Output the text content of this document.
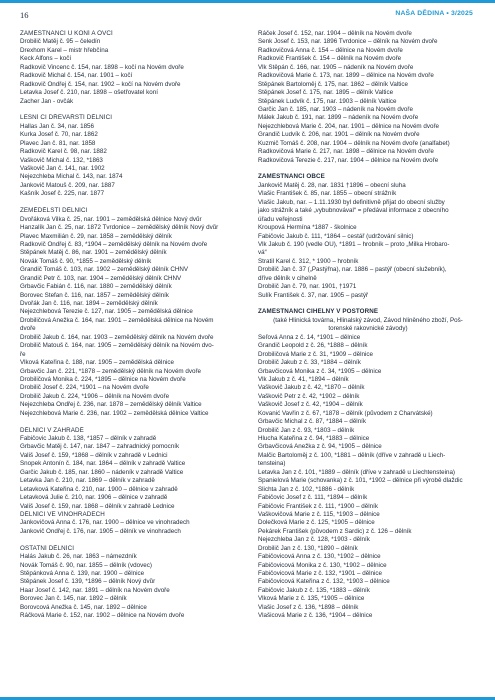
16	NAŠA DĚDINA • 3/2025
ZAMĚSTNANCI U KONÍ A OVCÍ
Drobilič Matěj č. 95 – čeledín
Drexhom Karel – mistr hřebčína
Keck Alfons – kočí
Radkovič Vincenc č. 154, nar. 1898 – kočí na Novém dvoře
Radkovič Michal č. 154, nar. 1901 – kočí
Radkovič Ondřej č. 154, nar. 1902 – kočí na Novém dvoře
Letavka Josef č. 210, nar. 1898 – ošetřovatel koní
Zacher Jan - ovčák
LESNÍ ČI DŘEVAŘSTÍ DĚLNÍCI
Hallas Jan č. 34, nar. 1856
Kurka Josef č. 70, nar. 1862
Plavec Jan č. 81, nar. 1858
Radkovič Karel č. 98, nar. 1882
Vaškovič Michal č. 132, *1863
Vaškovič Jan č. 141, nar. 1902
Nejezchleba Michal č. 143, nar. 1874
Jankovič Matouš č. 209, nar. 1887
Kašník Josef č. 225, nar. 1877
ZEMĚDĚLŠTÍ DĚLNÍCI
Dvořáková Vilka č. 25, nar. 1901 – zemědělská dělnice Nový dvůr
Hanzalík Jan č. 25, nar. 1872 Tvrdonice – zemědělský dělník Nový dvůr
Plavec Maxmilián č. 29, nar. 1858 – zemědělský dělník
Radkovič Ondřej č. 83, *1904 – zemědělský dělník na Novém dvoře
Štěpánek Matěj č. 86, nar. 1901 – zemědělský dělník
Novák Tomáš č. 90, *1855 – zemědělský dělník
Grandič Tomáš č. 103, nar. 1902 – zemědělský dělník CHNV
Grandič Petr č. 103, nar. 1904 – zemědělský dělník CHNV
Grbavčic Fabián č. 116, nar. 1880 – zemědělský dělník
Borovec Štefan č. 116, nar. 1857 – zemědělský dělník
Dvořák Jan č. 116, nar. 1894 – zemědělský dělník
Nejezchlebová Terezie č. 127, nar. 1905 – zemědělská dělnice
Drobiličová Anežka č. 164, nar. 1901 – zemědělská dělnice na Novém
dvoře
Drobilič Jakub č. 164, nar. 1903 – zemědělský dělník na Novém dvoře
Drobilič Matouš č. 164, nar. 1905 – zemědělský dělník na Novém dvo-
ře
Vlková Kateřina č. 188, nar. 1905 – zemědělská dělnice
Grbavčic Jan č. 221, *1878 – zemědělský dělník na Novém dvoře
Drobiličová Monika č. 224, *1895 – dělnice na Novém dvoře
Drobilič Josef č. 224, *1901 – na Novém dvoře
Drobilič Jakub č. 224, *1906 – dělník na Novém dvoře
Nejezchleba Ondřej č. 236, nar. 1878 – zemědělský dělník Valtice
Nejezchlebová Marie č. 236, nar. 1902 – zemědělská dělnice Valtice
DĚLNÍCI V ZAHRADĚ
Fabičovic Jakub č. 138, *1857 – dělník v zahradě
Grbavčic Matěj č. 147, nar. 1847 – zahradnický pomocník
Vališ Josef č. 159, *1868 – dělník v zahradě v Lednici
Šnopek Antonín č. 184, nar. 1864 – dělník v zahradě Valtice
Garčic Jakub č. 185, nar. 1860 – nádeník v zahradě Valtice
Letavka Jan č. 210, nar. 1869 – dělník v zahradě
Letavková Kateřina č. 210, nar. 1900 – dělnice v zahradě
Letavková Julie č. 210, nar. 1906 – dělnice v zahradě
Vališ Josef č. 159, nar. 1868 – dělník v zahradě Lednice
DĚLNÍCI VE VINOHRADECH
Jankovičová Anna č. 176, nar. 1900 – dělnice ve vinohradech
Jankovič Ondřej č. 176, nar. 1905 – dělník ve vinohradech
OSTATNÍ DĚLNÍCI
Halás Jakub č. 26, nar. 1863 – námezdník
Novák Tomáš č. 90, nar. 1855 – dělník (vdovec)
Štěpánková Anna č. 139, nar. 1900 – dělnice
Štěpánek Josef č. 139, *1896 – dělník Nový dvůr
Haar Josef č. 142, nar. 1891 – dělník na Novém dvoře
Borovec Jan č. 145, nar. 1892 – dělník
Borovcová Anežka č. 145, nar. 1892 – dělnice
Ráčková Marie č. 152, nar. 1902 – dělnice na Novém dvoře
Ráček Josef č. 152, nar. 1904 – dělník na Novém dvoře
Šenk Josef č. 153, nar. 1896 Tvrdonice – dělník na Novém dvoře
Radkovičová Anna č. 154 – dělnice na Novém dvoře
Radkovič František č. 154 – dělník na Novém dvoře
Vlk Štěpán č. 166, nar. 1905 – nádeník na Novém dvoře
Radkovičová Marie č. 173, nar. 1899 – dělnice na Novém dvoře
Štěpánek Bartoloměj č. 175, nar. 1862 – dělník Valtice
Štěpánek Josef č. 175, nar. 1895 – dělník Valtice
Štěpánek Ludvík č. 175, nar. 1903 – dělník Valtice
Garčic Jan č. 185, nar. 1903 – nádeník na Novém dvoře
Málek Jakub č. 191, nar. 1899 – nádeník na Novém dvoře
Nejezchlebová Marie č. 204, nar. 1901 – dělnice na Novém dvoře
Grandič Ludvík č. 206, nar. 1901 – dělník na Novém dvoře
Kuzmič Tomáš č. 208, nar. 1904 – dělník na Novém dvoře (analfabet)
Radkovičová Marie č. 217, nar. 1898 – dělnice na Novém dvoře
Radkovičová Terezie č. 217, nar. 1904 – dělnice na Novém dvoře
ZAMĚSTNANCI OBCE
Jankovič Matěj č. 28, nar. 1831 †1896 – obecní sluha
Vlašic František č. 85, nar. 1855 – obecní strážník
Vlašic Jakub, nar. – 1.11.1930 byl definitivně přijat do obecní služby
jako strážník a také „vybubnovával“ = předával informace z obecního
úřadu veřejnosti
Kroupová Hermína *1887 - školnice
Fabičovic Jakub č. 111, *1864 – cestář (udržování silnic)
Vlk Jakub č. 190 (vedle OÚ), *1891 – hrobník – proto „Milka Hrobaro-
vá“
Stratil Karel č. 312, * 1900 – hrobník
Drobilič Jan č. 37 („Pastýřna), nar. 1886 – pastýř (obecní služebník),
dříve dělník v cihelně
Drobilič Jan č. 79, nar. 1901, †1971
Šulík František č. 37, nar. 1905 – pastýř
ZAMĚSTNANCI CIHELNY V POŠTORNÉ
(také Hlinická továrna, Hlinalský závod, Závod hliněného zboží, Poš-
torenské rakovnické závody)
Šeľová Anna z č. 14, *1901 – dělnice
Grandič Leopold z č. 26, *1888 – dělník
Drobiličová Marie z č. 31, *1909 – dělnice
Drobilič Jakub z č. 33, *1884 – dělník
Grbavčicová Monika z č. 34, *1905 – dělnice
Vlk Jakub z č. 41, *1894 – dělník
Vaškovič Jakub z č. 42, *1870 – dělník
Vaškovič Petr z č. 42, *1902 – dělník
Vaškovič Josef z č. 42, *1904 – dělník
Kovanić Vavřin z č. 67, *1878 – dělník (původem z Charvátské)
Grbavčic Michal z č. 87, *1884 – dělník
Drobilič Jan z č. 93, *1803 – dělník
Hlucha Kateřina z č. 94, *1883 – dělnice
Grbavčicová Anežka z č. 94, *1905 – dělnice
Malčic Bartoloměj z č. 100, *1881 – dělník (dříve v zahradě u Liech-
tensteina)
Letavka Jan z č. 101, *1889 – dělník (dříve v zahradě u Liechtensteina)
Španielová Marie (schovanka) z č. 101, *1902 – dělnice při výrobě dlaždic
Šlichta Jan z č. 102, *1886 - dělník
Fabičovic Josef z č. 111, *1894 – dělník
Fabičovic František z č. 111, *1900 – dělník
Vaškovičová Marie z č. 115, *1903 – dělnice
Dolečková Marie z č. 125, *1905 – dělnice
Pekárek František (původem z Šardic) z č. 126 – dělník
Nejezchleba Jan z č. 128, *1903 - dělník
Drobilič Jan z č. 130, *1890 – dělník
Fabičovicová Anna z č. 130, *1902 – dělnice
Fabičovicová Monika z č. 130, *1902 – dělnice
Fabičovicová Marie z č. 132, *1901 – dělnice
Fabičovicová Kateřina z č. 132, *1903 – dělnice
Fabičovic Jakub z č. 135, *1883 – dělník
Vlková Marie z č. 135, *1905 – dělnice
Vlašic Josef z č. 136, *1898 – dělník
Vlašicová Marie z č. 136, *1904 – dělnice
